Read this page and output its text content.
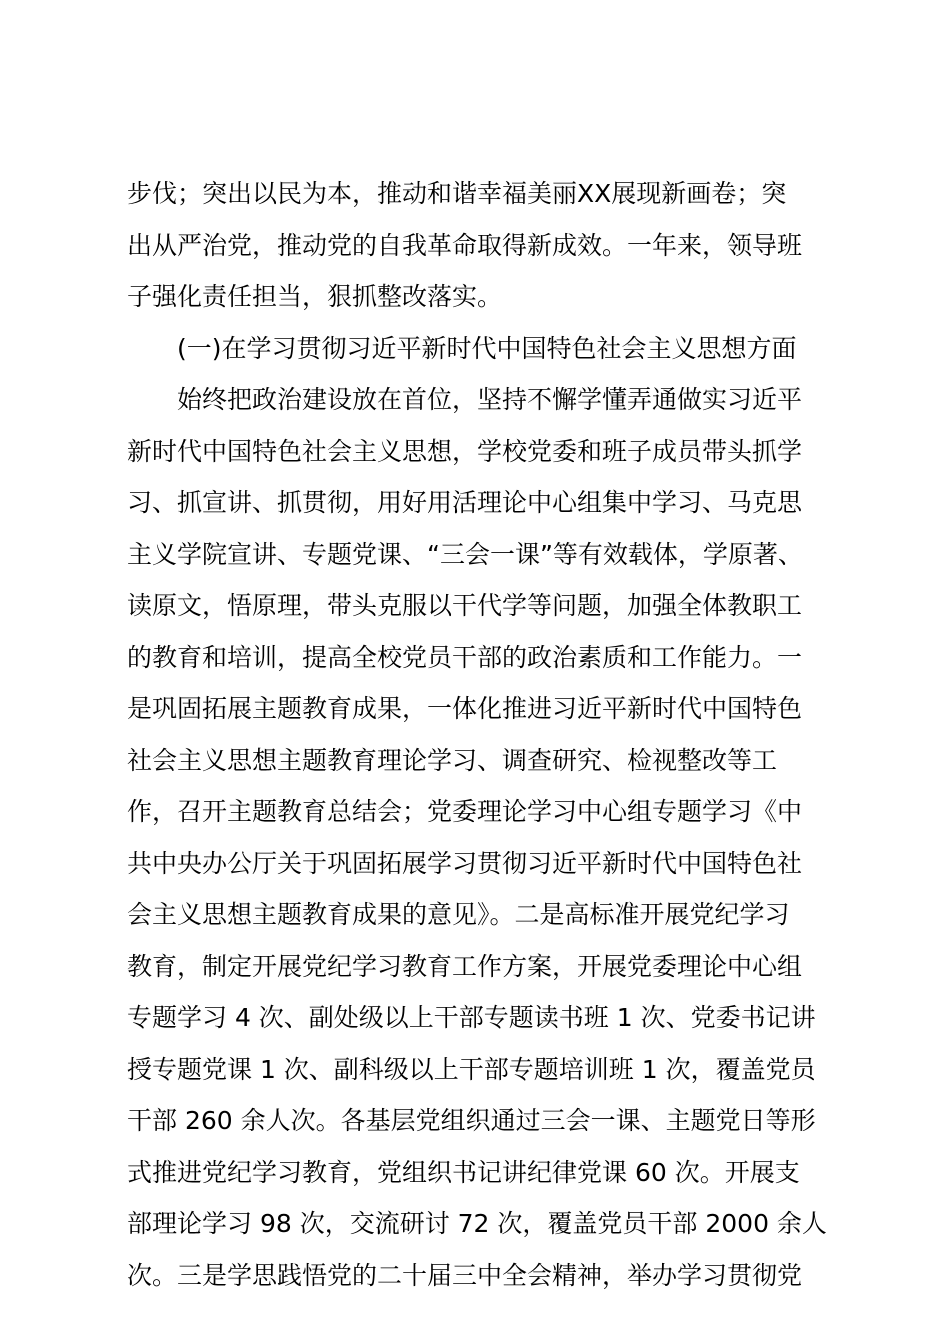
步伐；突出以民为本，推动和谐幸福美丽XX展现新画卷；突
出从严治党，推动党的自我革命取得新成效。一年来，领导班
子强化责任担当，狠抓整改落实。
(一)在学习贯彻习近平新时代中国特色社会主义思想方面
始终把政治建设放在首位，坚持不懈学懂弄通做实习近平
新时代中国特色社会主义思想，学校党委和班子成员带头抓学
习、抓宣讲、抓贯彻，用好用活理论中心组集中学习、马克思
主义学院宣讲、专题党课、“三会一课”等有效载体，学原著、
读原文，悟原理，带头克服以干代学等问题，加强全体教职工
的教育和培训，提高全校党员干部的政治素质和工作能力。一
是巩固拓展主题教育成果，一体化推进习近平新时代中国特色
社会主义思想主题教育理论学习、调查研究、检视整改等工
作，召开主题教育总结会；党委理论学习中心组专题学习《中
共中央办公厅关于巩固拓展学习贯彻习近平新时代中国特色社
会主义思想主题教育成果的意见》。二是高标准开展党纪学习
教育，制定开展党纪学习教育工作方案，开展党委理论中心组
专题学习 4 次、副处级以上干部专题读书班 1 次、党委书记讲
授专题党课 1 次、副科级以上干部专题培训班 1 次，覆盖党员
干部 260 余人次。各基层党组织通过三会一课、主题党日等形
式推进党纪学习教育，党组织书记讲纪律党课 60 次。开展支
部理论学习 98 次，交流研讨 72 次，覆盖党员干部 2000 余人
次。三是学思践悟党的二十届三中全会精神，举办学习贯彻党
